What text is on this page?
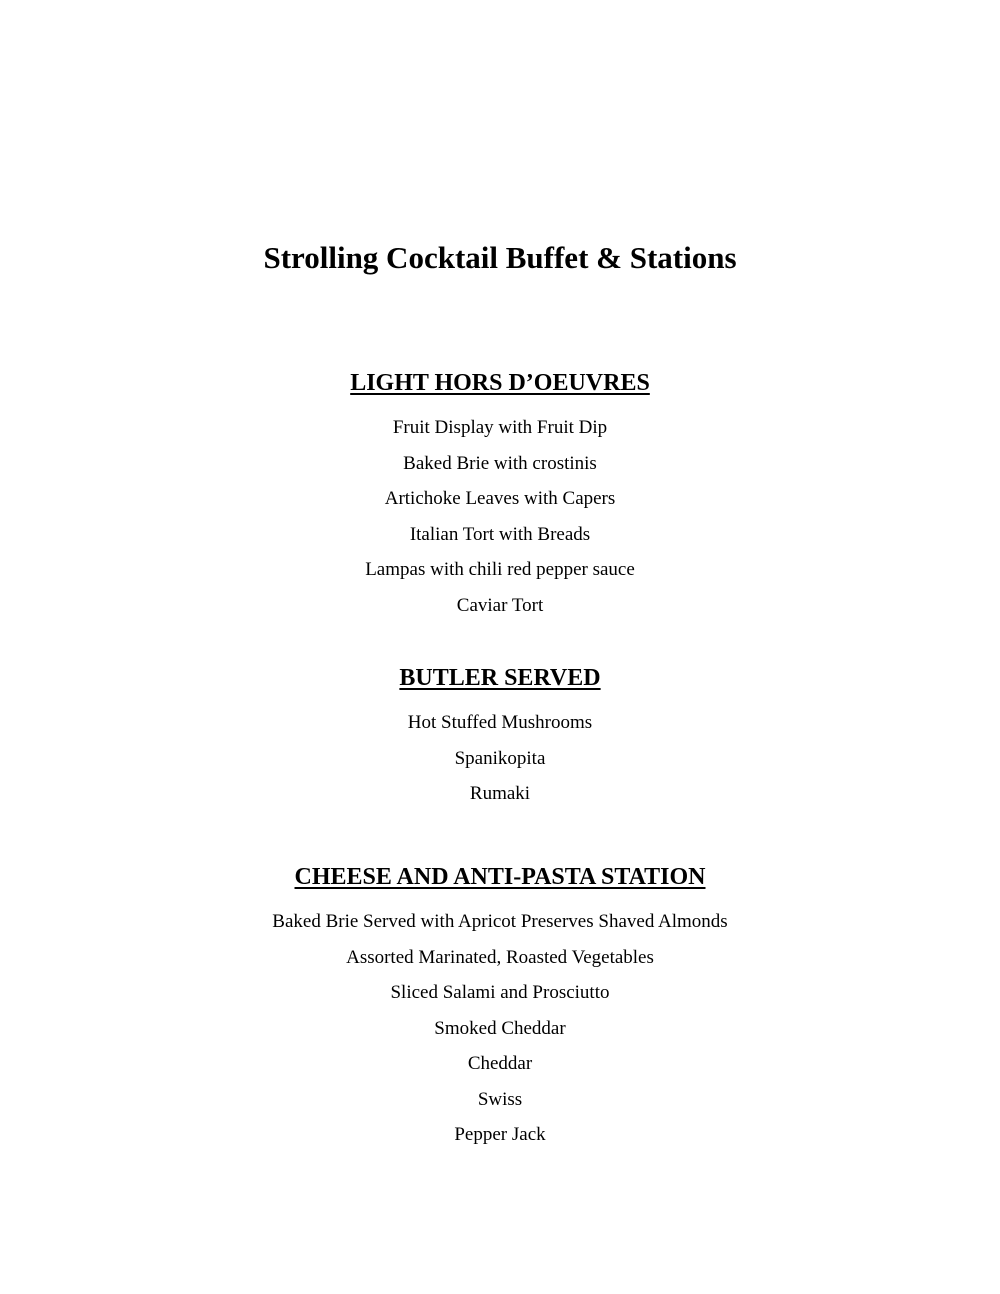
Strolling Cocktail Buffet & Stations
LIGHT HORS D’OEUVRES

Fruit Display with Fruit Dip

Baked Brie with crostinis

Artichoke Leaves with Capers

Italian Tort with Breads

Lampas with chili red pepper sauce

Caviar Tort

BUTLER SERVED

Hot Stuffed Mushrooms

Spanikopita

Rumaki

CHEESE AND ANTI-PASTA STATION

Baked Brie Served with Apricot Preserves Shaved Almonds

Assorted Marinated, Roasted Vegetables

Sliced Salami and Prosciutto

Smoked Cheddar

Cheddar

Swiss

Pepper Jack
